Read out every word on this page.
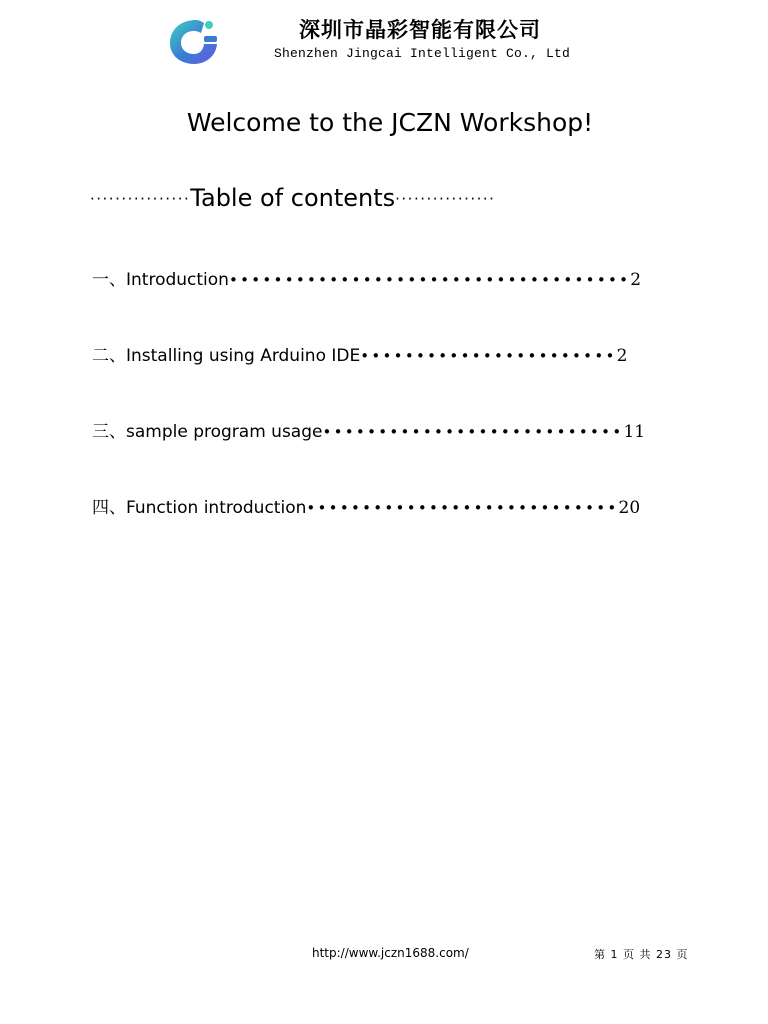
深圳市晶彩智能有限公司
Shenzhen Jingcai Intelligent Co., Ltd
Welcome to the JCZN Workshop!
················Table of contents················
一、Introduction••••••••••••••••••••••••••••••••••••2
二、Installing using Arduino IDE•••••••••••••••••••••••2
三、sample program usage•••••••••••••••••••••••••••11
四、Function introduction••••••••••••••••••••••••••••20
http://www.jczn1688.com/	第 1 页 共 23 页
